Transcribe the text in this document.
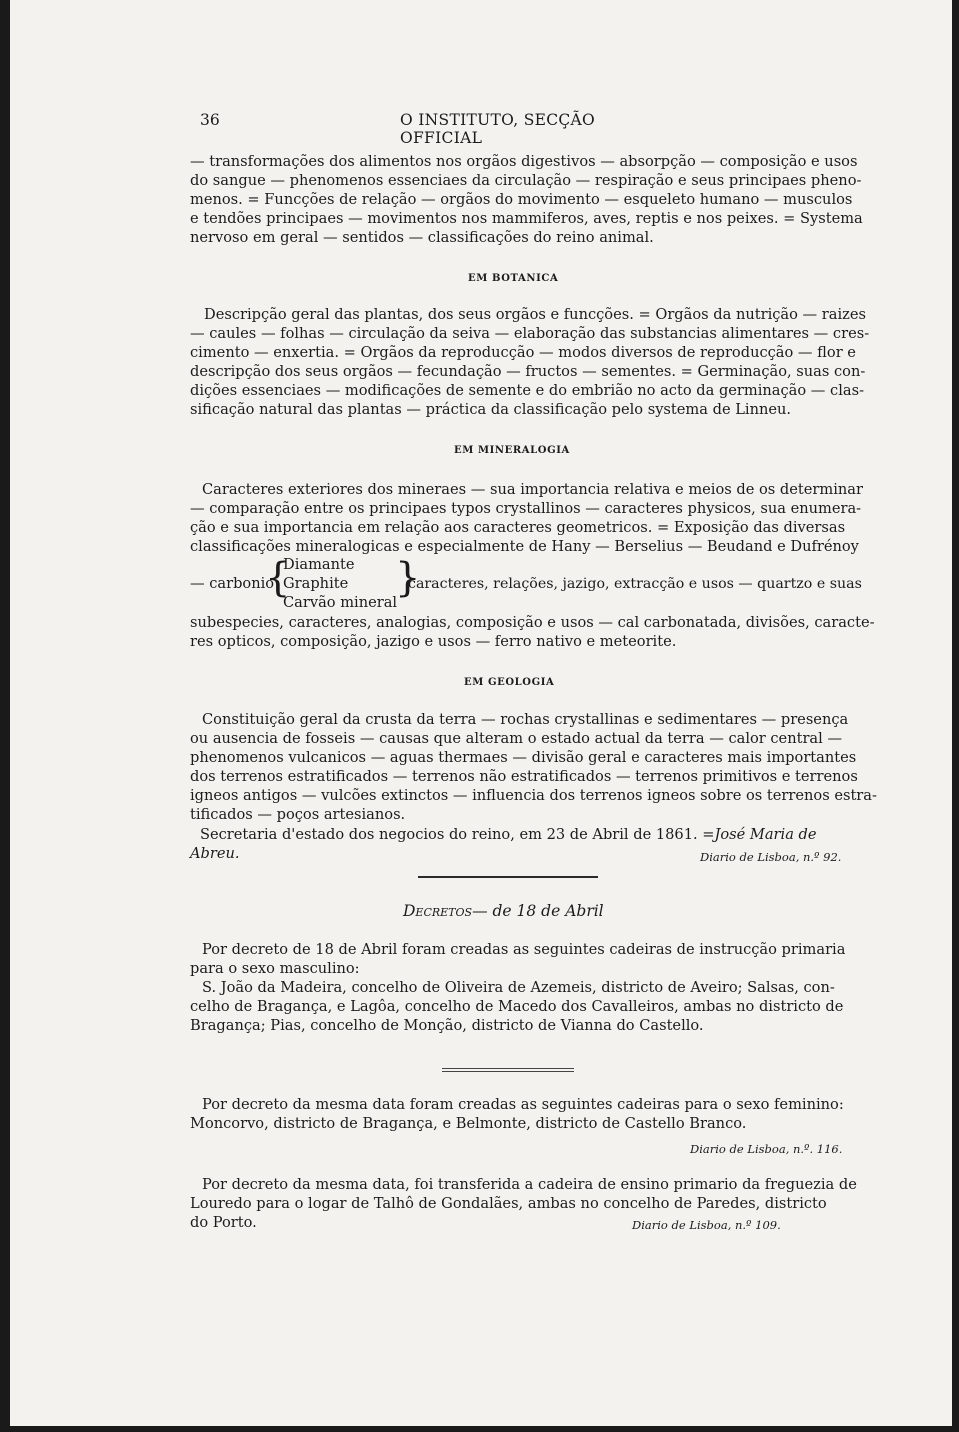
36	O INSTITUTO, SECÇÃO OFFICIAL
— transformações dos alimentos nos orgãos digestivos — absorpção — composição e usos
do sangue — phenomenos essenciaes da circulação — respiração e seus principaes pheno-
menos. = Funcções de relação — orgãos do movimento — esqueleto humano — musculos
e tendões principaes — movimentos nos mammiferos, aves, reptis e nos peixes. = Systema
nervoso em geral — sentidos — classificações do reino animal.
EM BOTANICA
Descripção geral das plantas, dos seus orgãos e funcções. = Orgãos da nutrição — raizes
— caules — folhas — circulação da seiva — elaboração das substancias alimentares — cres-
cimento — enxertia. = Orgãos da reproducção — modos diversos de reproducção — flor e
descripção dos seus orgãos — fecundação — fructos — sementes. = Germinação, suas con-
dições essenciaes — modificações de semente e do embrião no acto da germinação — clas-
sificação natural das plantas — práctica da classificação pelo systema de Linneu.
EM MINERALOGIA
Caracteres exteriores dos mineraes — sua importancia relativa e meios de os determinar
— comparação entre os principaes typos crystallinos — caracteres physicos, sua enumera-
ção e sua importancia em relação aos caracteres geometricos. = Exposição das diversas
classificações mineralogicas e especialmente de Hany — Berselius — Beudand e Dufrénoy
— carbonio
{
Diamante
Graphite
Carvão mineral
}
caracteres, relações, jazigo, extracção e usos — quartzo e suas
subespecies, caracteres, analogias, composição e usos — cal carbonatada, divisões, caracte-
res opticos, composição, jazigo e usos — ferro nativo e meteorite.
EM GEOLOGIA
Constituição geral da crusta da terra — rochas crystallinas e sedimentares — presença
ou ausencia de fosseis — causas que alteram o estado actual da terra — calor central —
phenomenos vulcanicos — aguas thermaes — divisão geral e caracteres mais importantes
dos terrenos estratificados — terrenos não estratificados — terrenos primitivos e terrenos
igneos antigos — vulcões extinctos — influencia dos terrenos igneos sobre os terrenos estra-
tificados — poços artesianos.
Secretaria d'estado dos negocios do reino, em 23 de Abril de 1861. =José Maria de
Abreu.	Diario de Lisboa, n.º 92.
Decretos— de 18 de Abril
Por decreto de 18 de Abril foram creadas as seguintes cadeiras de instrucção primaria
para o sexo masculino:
S. João da Madeira, concelho de Oliveira de Azemeis, districto de Aveiro; Salsas, con-
celho de Bragança, e Lagôa, concelho de Macedo dos Cavalleiros, ambas no districto de
Bragança; Pias, concelho de Monção, districto de Vianna do Castello.
Por decreto da mesma data foram creadas as seguintes cadeiras para o sexo feminino:
Moncorvo, districto de Bragança, e Belmonte, districto de Castello Branco.
Diario de Lisboa, n.º. 116.
Por decreto da mesma data, foi transferida a cadeira de ensino primario da freguezia de
Louredo para o logar de Talhô de Gondalães, ambas no concelho de Paredes, districto
do Porto.	Diario de Lisboa, n.º 109.
